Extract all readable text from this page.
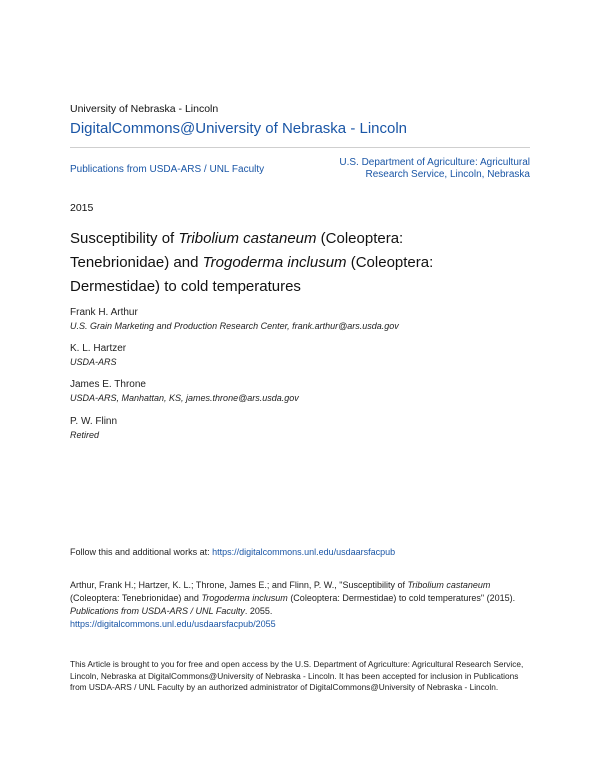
University of Nebraska - Lincoln
DigitalCommons@University of Nebraska - Lincoln
Publications from USDA-ARS / UNL Faculty
U.S. Department of Agriculture: Agricultural Research Service, Lincoln, Nebraska
2015
Susceptibility of Tribolium castaneum (Coleoptera: Tenebrionidae) and Trogoderma inclusum (Coleoptera: Dermestidae) to cold temperatures
Frank H. Arthur
U.S. Grain Marketing and Production Research Center, frank.arthur@ars.usda.gov
K. L. Hartzer
USDA-ARS
James E. Throne
USDA-ARS, Manhattan, KS, james.throne@ars.usda.gov
P. W. Flinn
Retired
Follow this and additional works at: https://digitalcommons.unl.edu/usdaarsfacpub
Arthur, Frank H.; Hartzer, K. L.; Throne, James E.; and Flinn, P. W., "Susceptibility of Tribolium castaneum (Coleoptera: Tenebrionidae) and Trogoderma inclusum (Coleoptera: Dermestidae) to cold temperatures" (2015). Publications from USDA-ARS / UNL Faculty. 2055.
https://digitalcommons.unl.edu/usdaarsfacpub/2055
This Article is brought to you for free and open access by the U.S. Department of Agriculture: Agricultural Research Service, Lincoln, Nebraska at DigitalCommons@University of Nebraska - Lincoln. It has been accepted for inclusion in Publications from USDA-ARS / UNL Faculty by an authorized administrator of DigitalCommons@University of Nebraska - Lincoln.
